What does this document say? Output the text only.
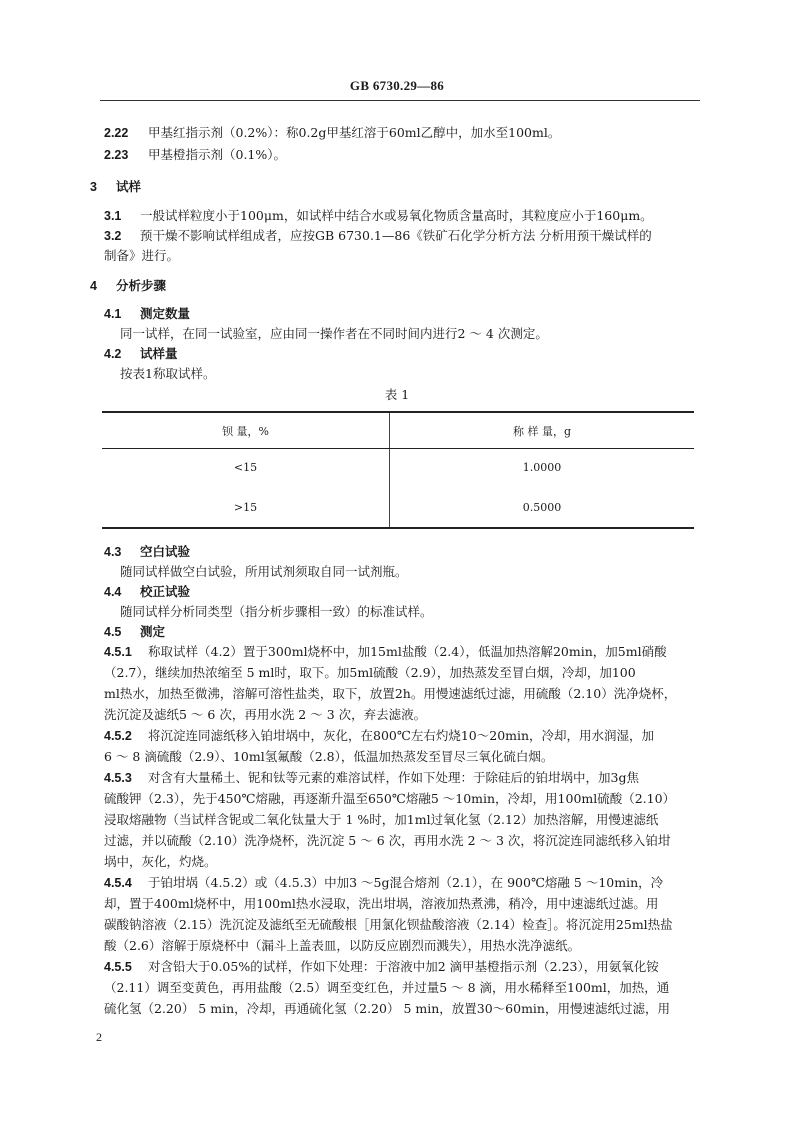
GB 6730.29—86
2.22 甲基红指示剂（0.2%）：称0.2g甲基红溶于60ml乙醇中，加水至100ml。
2.23 甲基橙指示剂（0.1%）。
3 试样
3.1 一般试样粒度小于100μm，如试样中结合水或易氧化物质含量高时，其粒度应小于160μm。
3.2 预干燥不影响试样组成者，应按GB 6730.1—86《铁矿石化学分析方法 分析用预干燥试样的
制备》进行。
4 分析步骤
4.1 测定数量
同一试样，在同一试验室，应由同一操作者在不同时间内进行2 ～ 4 次测定。
4.2 试样量
按表1称取试样。
表 1
钡 量，%	称 样 量，g
<15	1.0000
>15	0.5000
4.3 空白试验
随同试样做空白试验，所用试剂须取自同一试剂瓶。
4.4 校正试验
随同试样分析同类型（指分析步骤相一致）的标准试样。
4.5 测定
4.5.1 称取试样（4.2）置于300ml烧杯中，加15ml盐酸（2.4），低温加热溶解20min，加5ml硝酸
（2.7），继续加热浓缩至 5 ml时，取下。加5ml硫酸（2.9），加热蒸发至冒白烟，冷却，加100
ml热水，加热至微沸，溶解可溶性盐类，取下，放置2h。用慢速滤纸过滤，用硫酸（2.10）洗净烧杯，
洗沉淀及滤纸5 ～ 6 次，再用水洗 2 ～ 3 次，弃去滤液。
4.5.2 将沉淀连同滤纸移入铂坩埚中，灰化，在800℃左右灼烧10～20min，冷却，用水润湿，加
6 ～ 8 滴硫酸（2.9）、10ml氢氟酸（2.8），低温加热蒸发至冒尽三氧化硫白烟。
4.5.3 对含有大量稀土、铌和钛等元素的难溶试样，作如下处理：于除硅后的铂坩埚中，加3g焦
硫酸钾（2.3），先于450℃熔融，再逐渐升温至650℃熔融5 ～10min，冷却，用100ml硫酸（2.10）
浸取熔融物（当试样含铌或二氧化钛量大于 1 %时，加1ml过氧化氢（2.12）加热溶解，用慢速滤纸
过滤，并以硫酸（2.10）洗净烧杯，洗沉淀 5 ～ 6 次，再用水洗 2 ～ 3 次，将沉淀连同滤纸移入铂坩
埚中，灰化，灼烧。
4.5.4 于铂坩埚（4.5.2）或（4.5.3）中加3 ～5g混合熔剂（2.1），在 900℃熔融 5 ～10min，冷
却，置于400ml烧杯中，用100ml热水浸取，洗出坩埚，溶液加热煮沸，稍冷，用中速滤纸过滤。用
碳酸钠溶液（2.15）洗沉淀及滤纸至无硫酸根［用氯化钡盐酸溶液（2.14）检查］。将沉淀用25ml热盐
酸（2.6）溶解于原烧杯中（漏斗上盖表皿，以防反应剧烈而溅失），用热水洗净滤纸。
4.5.5 对含铅大于0.05%的试样，作如下处理：于溶液中加2 滴甲基橙指示剂（2.23），用氨氧化铵
（2.11）调至变黄色，再用盐酸（2.5）调至变红色，并过量5 ～ 8 滴，用水稀释至100ml，加热，通
硫化氢（2.20） 5 min，冷却，再通硫化氢（2.20） 5 min，放置30～60min，用慢速滤纸过滤，用
2
